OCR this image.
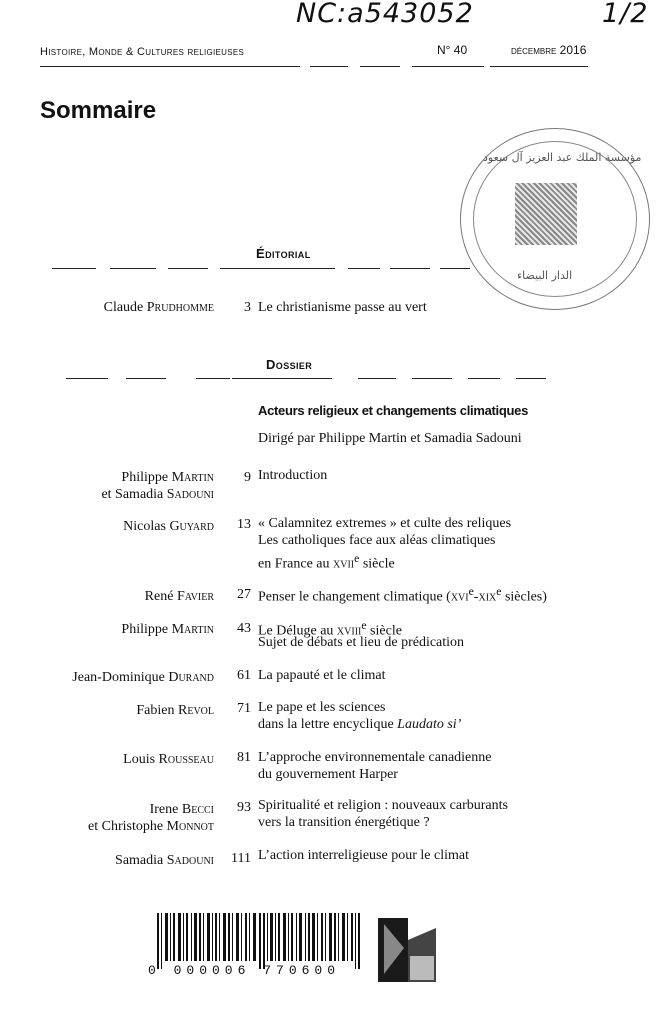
NC:a543052	1/2
Histoire, Monde & Cultures religieuses	N° 40	décembre 2016
Sommaire
مؤسسة الملك عبد العزيز آل سعود
الدار البيضاء
Éditorial
Claude Prudhomme 3 Le christianisme passe au vert
Dossier
Acteurs religieux et changements climatiques
Dirigé par Philippe Martin et Samadia Sadouni
Philippe Martin
et Samadia Sadouni
9 Introduction
Nicolas Guyard 13 « Calamnitez extremes » et culte des reliques
Les catholiques face aux aléas climatiques
en France au xvii$^e$ siècle
René Favier 27 Penser le changement climatique (xvi$^e$-xix$^e$ siècles)
Philippe Martin 43 Le Déluge au xviii$^e$ siècle
Sujet de débats et lieu de prédication
Jean-Dominique Durand 61 La papauté et le climat
Fabien Revol 71 Le pape et les sciences
dans la lettre encyclique Laudato si’
Louis Rousseau 81 L’approche environnementale canadienne
du gouvernement Harper
Irene Becci
et Christophe Monnot
93 Spiritualité et religion : nouveaux carburants
vers la transition énergétique ?
Samadia Sadouni 111 L’action interreligieuse pour le climat
0 000006 770600
